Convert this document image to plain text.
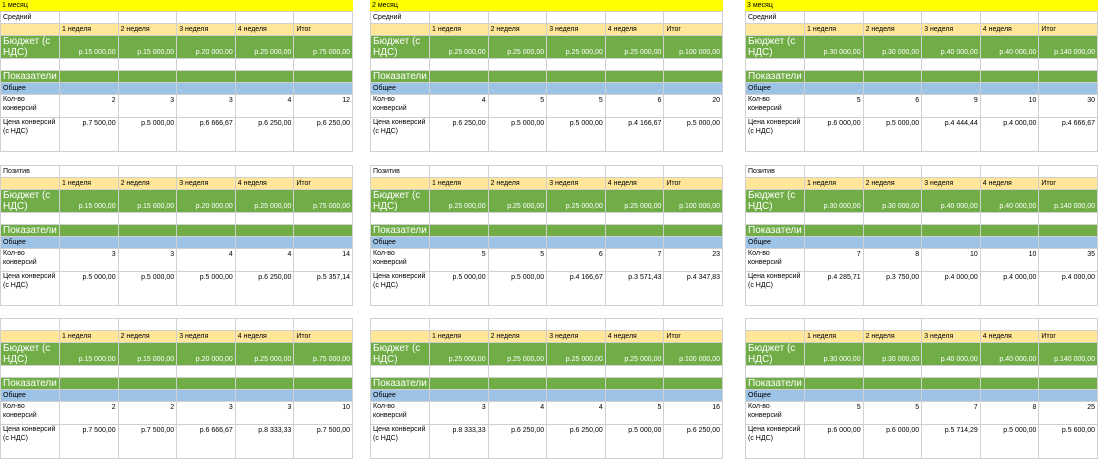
1 месяц
Средний					
	1 неделя	2 неделя	3 неделя	4 неделя	Итог
Бюджет (с НДС)	р.15 000,00	р.15 000,00	р.20 000,00	р.25 000,00	р.75 000,00

Показатели					
Общее					
Кол-во конверсий	2	3	3	4	12
Цена конверсий (с НДС)	р.7 500,00	р.5 000,00	р.6 666,67	р.6 250,00	р.6 250,00
Позитив					
	1 неделя	2 неделя	3 неделя	4 неделя	Итог
Бюджет (с НДС)	р.15 000,00	р.15 000,00	р.20 000,00	р.25 000,00	р.75 000,00

Показатели					
Общее					
Кол-во конверсий	3	3	4	4	14
Цена конверсий (с НДС)	р.5 000,00	р.5 000,00	р.5 000,00	р.6 250,00	р.5 357,14
Негатив					
	1 неделя	2 неделя	3 неделя	4 неделя	Итог
Бюджет (с НДС)	р.15 000,00	р.15 000,00	р.20 000,00	р.25 000,00	р.75 000,00

Показатели					
Общее					
Кол-во конверсий	2	2	3	3	10
Цена конверсий (с НДС)	р.7 500,00	р.7 500,00	р.6 666,67	р.8 333,33	р.7 500,00
2 месяц
Средний					
	1 неделя	2 неделя	3 неделя	4 неделя	Итог
Бюджет (с НДС)	р.25 000,00	р.25 000,00	р.25 000,00	р.25 000,00	р.100 000,00

Показатели					
Общее					
Кол-во конверсий	4	5	5	6	20
Цена конверсий (с НДС)	р.6 250,00	р.5 000,00	р.5 000,00	р.4 166,67	р.5 000,00
Позитив					
	1 неделя	2 неделя	3 неделя	4 неделя	Итог
Бюджет (с НДС)	р.25 000,00	р.25 000,00	р.25 000,00	р.25 000,00	р.100 000,00

Показатели					
Общее					
Кол-во конверсий	5	5	6	7	23
Цена конверсий (с НДС)	р.5 000,00	р.5 000,00	р.4 166,67	р.3 571,43	р.4 347,83
Негатив					
	1 неделя	2 неделя	3 неделя	4 неделя	Итог
Бюджет (с НДС)	р.25 000,00	р.25 000,00	р.25 000,00	р.25 000,00	р.100 000,00

Показатели					
Общее					
Кол-во конверсий	3	4	4	5	16
Цена конверсий (с НДС)	р.8 333,33	р.6 250,00	р.6 250,00	р.5 000,00	р.6 250,00
3 месяц
Средний					
	1 неделя	2 неделя	3 неделя	4 неделя	Итог
Бюджет (с НДС)	р.30 000,00	р.30 000,00	р.40 000,00	р.40 000,00	р.140 000,00

Показатели					
Общее					
Кол-во конверсий	5	6	9	10	30
Цена конверсий (с НДС)	р.6 000,00	р.5 000,00	р.4 444,44	р.4 000,00	р.4 666,67
Позитив					
	1 неделя	2 неделя	3 неделя	4 неделя	Итог
Бюджет (с НДС)	р.30 000,00	р.30 000,00	р.40 000,00	р.40 000,00	р.140 000,00

Показатели					
Общее					
Кол-во конверсий	7	8	10	10	35
Цена конверсий (с НДС)	р.4 285,71	р.3 750,00	р.4 000,00	р.4 000,00	р.4 000,00
Негатив					
	1 неделя	2 неделя	3 неделя	4 неделя	Итог
Бюджет (с НДС)	р.30 000,00	р.30 000,00	р.40 000,00	р.40 000,00	р.140 000,00

Показатели					
Общее					
Кол-во конверсий	5	5	7	8	25
Цена конверсий (с НДС)	р.6 000,00	р.6 000,00	р.5 714,29	р.5 000,00	р.5 600,00
